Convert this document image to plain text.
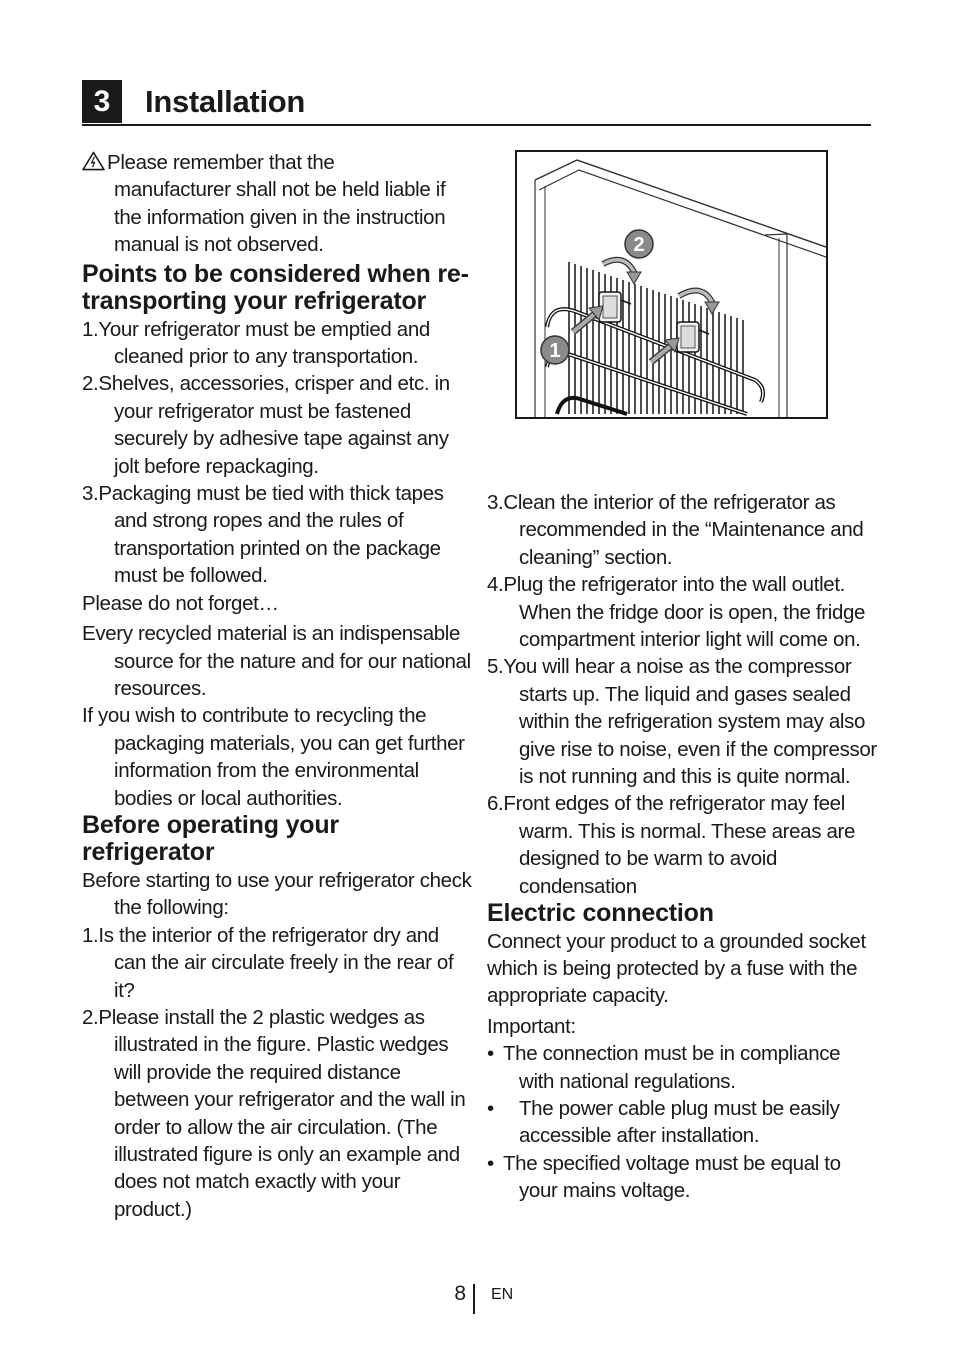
3	Installation

Please remember that the
manufacturer shall not be held liable if the information given in the instruction manual is not observed.

Points to be considered when re-transporting your refrigerator

1.Your refrigerator must be emptied and cleaned prior to any transportation.

2.Shelves, accessories, crisper and etc. in your refrigerator must be fastened securely by adhesive tape against any jolt before repackaging.

3.Packaging must be tied with thick tapes and strong ropes and the rules of transportation printed on the package must be followed.

Please do not forget…

Every recycled material is an indispensable source for the nature and for our national resources.

If you wish to contribute to recycling the packaging materials, you can get further information from the environmental bodies or local authorities.

Before operating your refrigerator

Before starting to use your refrigerator check the following:

1.Is the interior of the refrigerator dry and can the air circulate freely in the rear of it?

2.Please install the 2 plastic wedges as illustrated in the figure. Plastic wedges will provide the required distance between your refrigerator and the wall in order to allow the air circulation. (The illustrated figure is only an example and does not match exactly with your product.)

2
1

3.Clean the interior of the refrigerator as recommended in the “Maintenance and cleaning” section.

4.Plug the refrigerator into the wall outlet. When the fridge door is open, the fridge compartment interior light will come on.

5.You will hear a noise as the compressor starts up. The liquid and gases sealed within the refrigeration system may also give rise to noise, even if the compressor is not running and this is quite normal.

6.Front edges of the refrigerator may feel warm. This is normal. These areas are designed to be warm to avoid condensation

Electric connection

Connect your product to a grounded socket which is being protected by a fuse with the appropriate capacity.

Important:

• The connection must be in compliance with national regulations.

• The power cable plug must be easily accessible after installation.

• The specified voltage must be equal to your mains voltage.

8 EN
